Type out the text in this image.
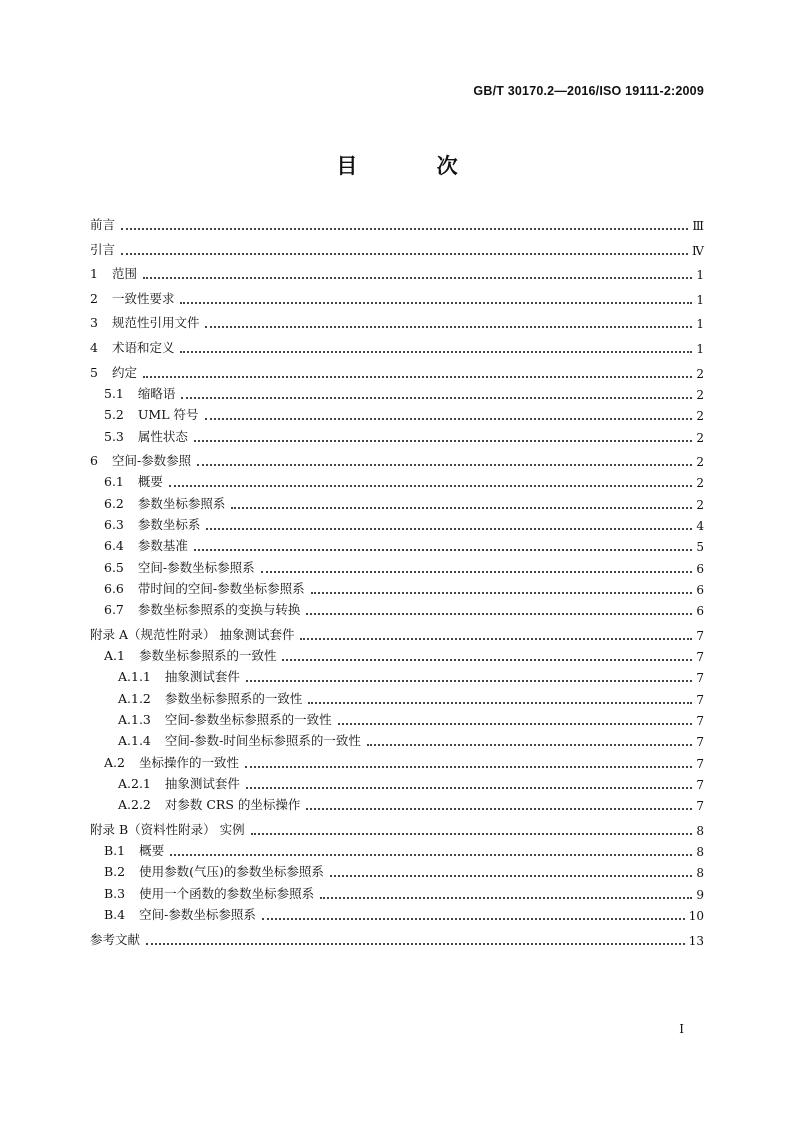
GB/T 30170.2—2016/ISO 19111-2:2009
目 次
前言	Ⅲ
引言	Ⅳ
1 范围	1
2 一致性要求	1
3 规范性引用文件	1
4 术语和定义	1
5 约定	2
5.1 缩略语	2
5.2 UML 符号	2
5.3 属性状态	2
6 空间-参数参照	2
6.1 概要	2
6.2 参数坐标参照系	2
6.3 参数坐标系	4
6.4 参数基准	5
6.5 空间-参数坐标参照系	6
6.6 带时间的空间-参数坐标参照系	6
6.7 参数坐标参照系的变换与转换	6
附录 A（规范性附录） 抽象测试套件	7
A.1 参数坐标参照系的一致性	7
A.1.1 抽象测试套件	7
A.1.2 参数坐标参照系的一致性	7
A.1.3 空间-参数坐标参照系的一致性	7
A.1.4 空间-参数-时间坐标参照系的一致性	7
A.2 坐标操作的一致性	7
A.2.1 抽象测试套件	7
A.2.2 对参数 CRS 的坐标操作	7
附录 B（资料性附录） 实例	8
B.1 概要	8
B.2 使用参数(气压)的参数坐标参照系	8
B.3 使用一个函数的参数坐标参照系	9
B.4 空间-参数坐标参照系	10
参考文献	13
Ⅰ
